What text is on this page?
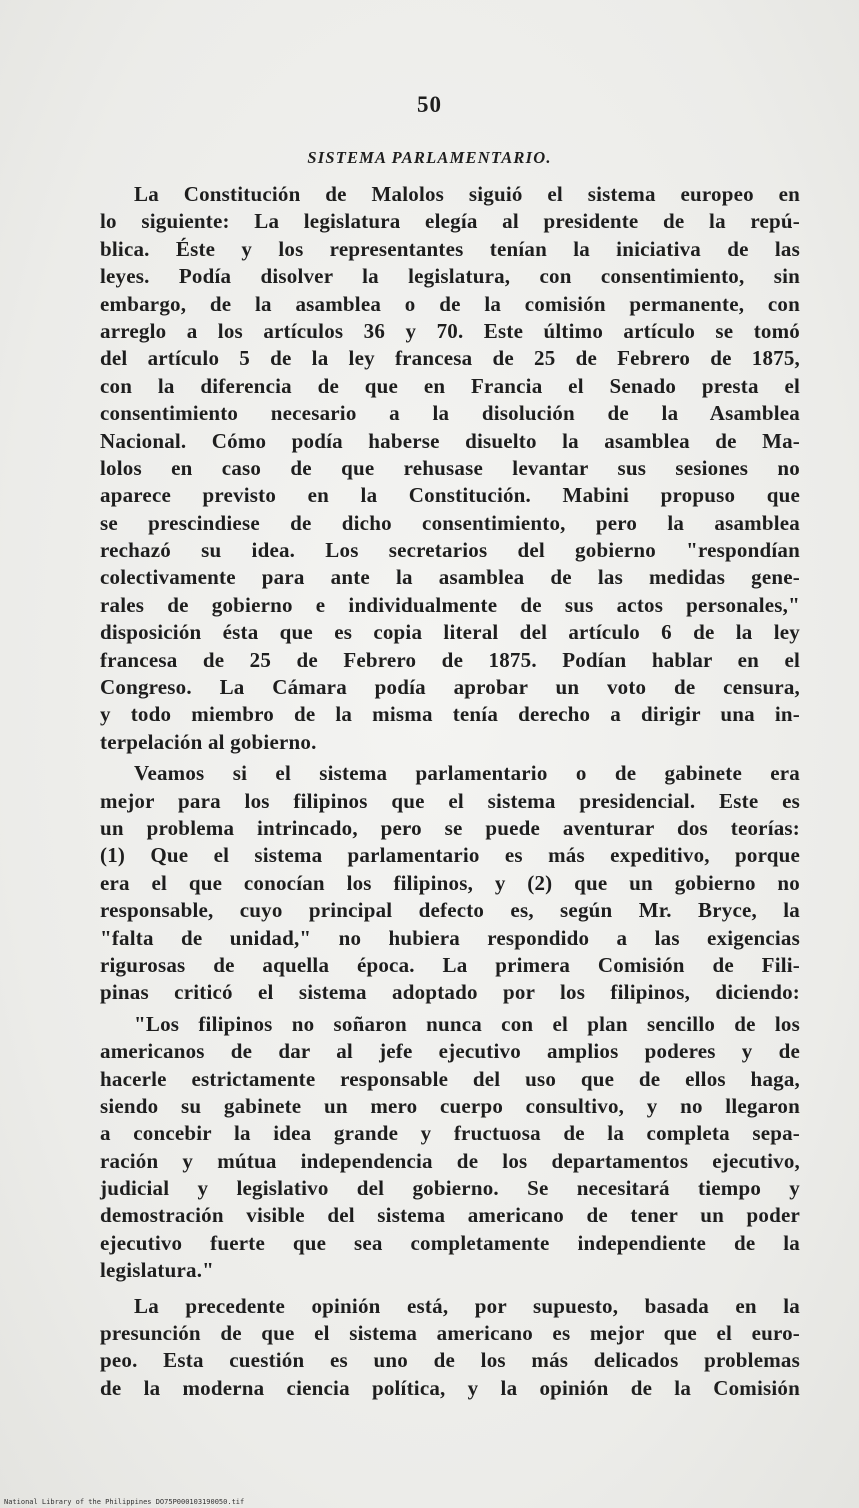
50
SISTEMA PARLAMENTARIO.
La Constitución de Malolos siguió el sistema europeo en
lo siguiente: La legislatura elegía al presidente de la repú-
blica. Éste y los representantes tenían la iniciativa de las
leyes. Podía disolver la legislatura, con consentimiento, sin
embargo, de la asamblea o de la comisión permanente, con
arreglo a los artículos 36 y 70. Este último artículo se tomó
del artículo 5 de la ley francesa de 25 de Febrero de 1875,
con la diferencia de que en Francia el Senado presta el
consentimiento necesario a la disolución de la Asamblea
Nacional. Cómo podía haberse disuelto la asamblea de Ma-
lolos en caso de que rehusase levantar sus sesiones no
aparece previsto en la Constitución. Mabini propuso que
se prescindiese de dicho consentimiento, pero la asamblea
rechazó su idea. Los secretarios del gobierno "respondían
colectivamente para ante la asamblea de las medidas gene-
rales de gobierno e individualmente de sus actos personales,"
disposición ésta que es copia literal del artículo 6 de la ley
francesa de 25 de Febrero de 1875. Podían hablar en el
Congreso. La Cámara podía aprobar un voto de censura,
y todo miembro de la misma tenía derecho a dirigir una in-
terpelación al gobierno.
Veamos si el sistema parlamentario o de gabinete era
mejor para los filipinos que el sistema presidencial. Este es
un problema intrincado, pero se puede aventurar dos teorías:
(1) Que el sistema parlamentario es más expeditivo, porque
era el que conocían los filipinos, y (2) que un gobierno no
responsable, cuyo principal defecto es, según Mr. Bryce, la
"falta de unidad," no hubiera respondido a las exigencias
rigurosas de aquella época. La primera Comisión de Fili-
pinas criticó el sistema adoptado por los filipinos, diciendo:
"Los filipinos no soñaron nunca con el plan sencillo de los
americanos de dar al jefe ejecutivo amplios poderes y de
hacerle estrictamente responsable del uso que de ellos haga,
siendo su gabinete un mero cuerpo consultivo, y no llegaron
a concebir la idea grande y fructuosa de la completa sepa-
ración y mútua independencia de los departamentos ejecutivo,
judicial y legislativo del gobierno. Se necesitará tiempo y
demostración visible del sistema americano de tener un poder
ejecutivo fuerte que sea completamente independiente de la
legislatura."
La precedente opinión está, por supuesto, basada en la
presunción de que el sistema americano es mejor que el euro-
peo. Esta cuestión es uno de los más delicados problemas
de la moderna ciencia política, y la opinión de la Comisión
National Library of the Philippines DO75P000103190050.tif
